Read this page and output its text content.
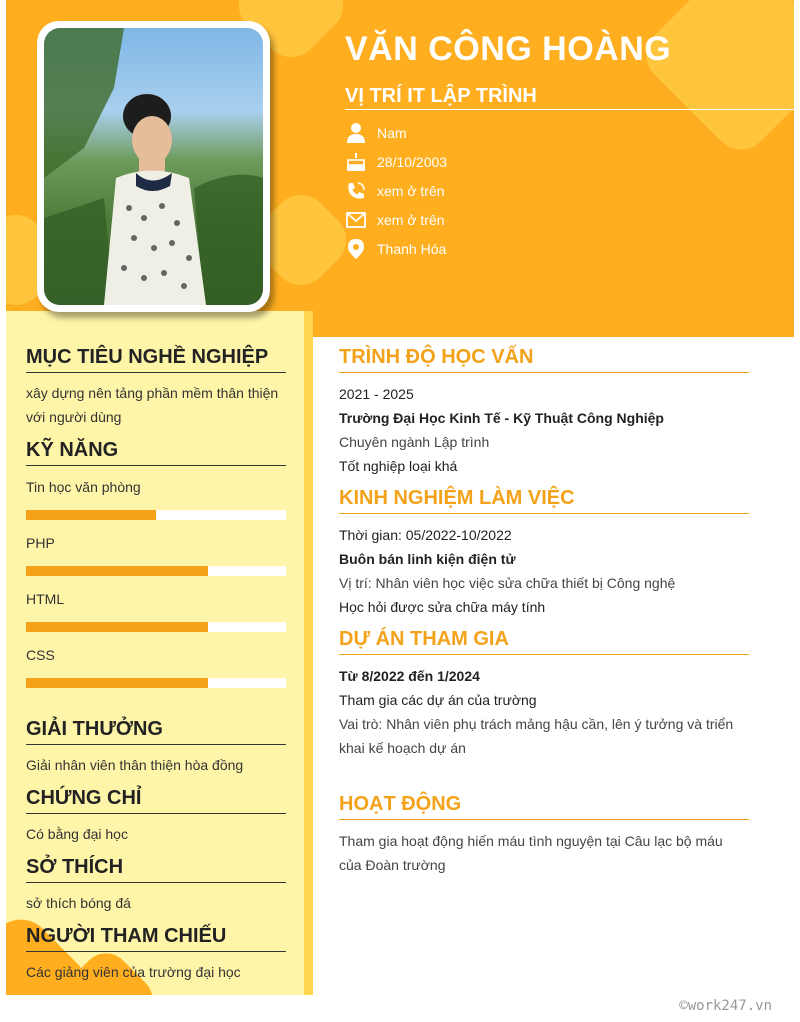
VĂN CÔNG HOÀNG
VỊ TRÍ IT LẬP TRÌNH
Nam
28/10/2003
xem ở trên
xem ở trên
Thanh Hóa
MỤC TIÊU NGHỀ NGHIỆP
xây dựng nên tảng phần mềm thân thiện với người dùng
KỸ NĂNG
Tin học văn phòng
PHP
HTML
CSS
GIẢI THƯỞNG
Giải nhân viên thân thiện hòa đồng
CHỨNG CHỈ
Có bằng đại học
SỞ THÍCH
sở thích bóng đá
NGƯỜI THAM CHIẾU
Các giảng viên của trường đại học
TRÌNH ĐỘ HỌC VẤN
2021 - 2025
Trường Đại Học Kinh Tế - Kỹ Thuật Công Nghiệp
Chuyên ngành Lập trình
Tốt nghiệp loại khá
KINH NGHIỆM LÀM VIỆC
Thời gian: 05/2022-10/2022
Buôn bán linh kiện điện tử
Vị trí: Nhân viên học việc sửa chữa thiết bị Công nghệ
Học hỏi được sửa chữa máy tính
DỰ ÁN THAM GIA
Từ 8/2022 đến 1/2024
Tham gia các dự án của trường
Vai trò: Nhân viên phụ trách mảng hậu cần, lên ý tưởng và triển khai kế hoạch dự án
HOẠT ĐỘNG
Tham gia hoạt động hiến máu tình nguyện tại Câu lạc bộ máu của Đoàn trường
©work247.vn
